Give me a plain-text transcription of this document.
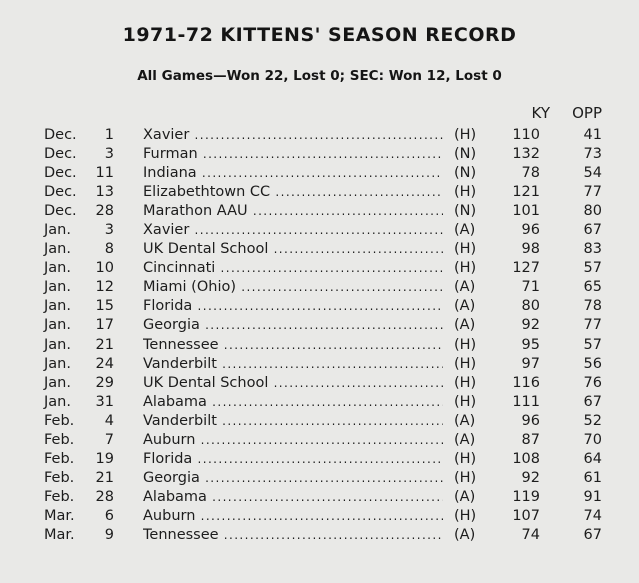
1971-72 KITTENS' SEASON RECORD
All Games—Won 22, Lost 0; SEC: Won 12, Lost 0
KY	OPP
Dec.	1 Xavier .....	(H)	110	41
Dec.	3 Furman .....	(N)	132	73
Dec.	11 Indiana .....	(N)	78	54
Dec.	13 Elizabethtown CC .....	(H)	121	77
Dec.	28 Marathon AAU .....	(N)	101	80
Jan.	3 Xavier .....	(A)	96	67
Jan.	8 UK Dental School .....	(H)	98	83
Jan.	10 Cincinnati .....	(H)	127	57
Jan.	12 Miami (Ohio) .....	(A)	71	65
Jan.	15 Florida .....	(A)	80	78
Jan.	17 Georgia .....	(A)	92	77
Jan.	21 Tennessee .....	(H)	95	57
Jan.	24 Vanderbilt .....	(H)	97	56
Jan.	29 UK Dental School .....	(H)	116	76
Jan.	31 Alabama .....	(H)	111	67
Feb.	4 Vanderbilt .....	(A)	96	52
Feb.	7 Auburn .....	(A)	87	70
Feb.	19 Florida .....	(H)	108	64
Feb.	21 Georgia .....	(H)	92	61
Feb.	28 Alabama .....	(A)	119	91
Mar.	6 Auburn .....	(H)	107	74
Mar.	9 Tennessee .....	(A)	74	67
